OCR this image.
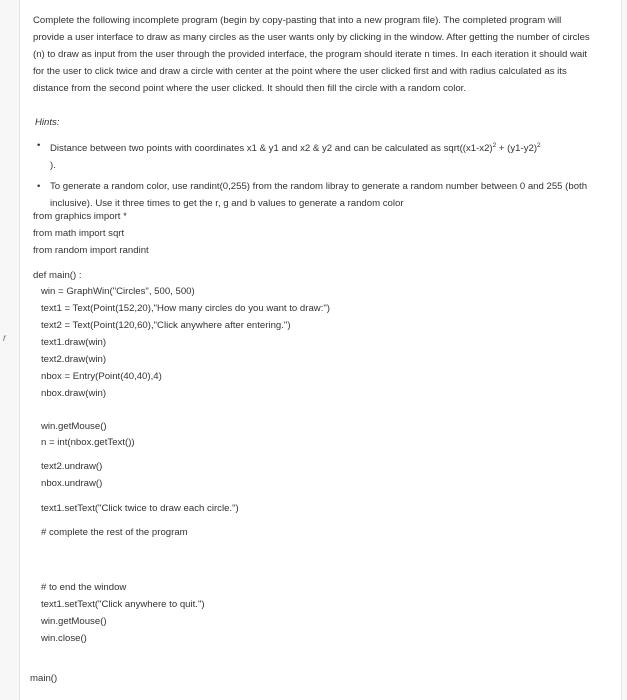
r
Complete the following incomplete program (begin by copy-pasting that into a new program file). The completed program will provide a user interface to draw as many circles as the user wants only by clicking in the window. After getting the number of circles (n) to draw as input from the user through the provided interface, the program should iterate n times. In each iteration it should wait for the user to click twice and draw a circle with center at the point where the user clicked first and with radius calculated as its distance from the second point where the user clicked. It should then fill the circle with a random color.
Hints:
• Distance between two points with coordinates x1 & y1 and x2 & y2 and can be calculated as $sqrt((x1-x2)^2 + (y1-y2)^2$
).
• To generate a random color, use randint(0,255) from the random libray to generate a random number between 0 and 255 (both inclusive). Use it three times to get the r, g and b values to generate a random color
from graphics import *
from math import sqrt
from random import randint
def main() :
win = GraphWin("Circles", 500, 500)
text1 = Text(Point(152,20),"How many circles do you want to draw:")
text2 = Text(Point(120,60),"Click anywhere after entering.")
text1.draw(win)
text2.draw(win)
nbox = Entry(Point(40,40),4)
nbox.draw(win)
win.getMouse()
n = int(nbox.getText())
text2.undraw()
nbox.undraw()
text1.setText("Click twice to draw each circle.")
# complete the rest of the program
# to end the window
text1.setText("Click anywhere to quit.")
win.getMouse()
win.close()
main()
